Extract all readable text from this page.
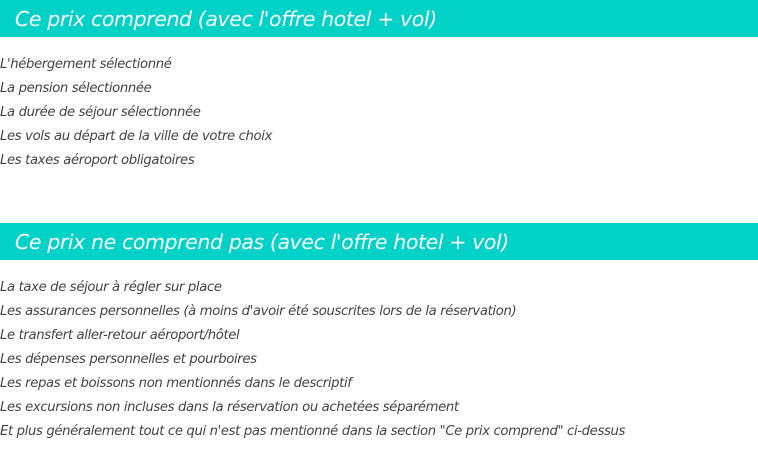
Ce prix comprend (avec l'offre hotel + vol)
L'hébergement sélectionné
La pension sélectionnée
La durée de séjour sélectionnée
Les vols au départ de la ville de votre choix
Les taxes aéroport obligatoires
Ce prix ne comprend pas (avec l'offre hotel + vol)
La taxe de séjour à régler sur place
Les assurances personnelles (à moins d'avoir été souscrites lors de la réservation)
Le transfert aller-retour aéroport/hôtel
Les dépenses personnelles et pourboires
Les repas et boissons non mentionnés dans le descriptif
Les excursions non incluses dans la réservation ou achetées séparément
Et plus généralement tout ce qui n'est pas mentionné dans la section "Ce prix comprend" ci-dessus
